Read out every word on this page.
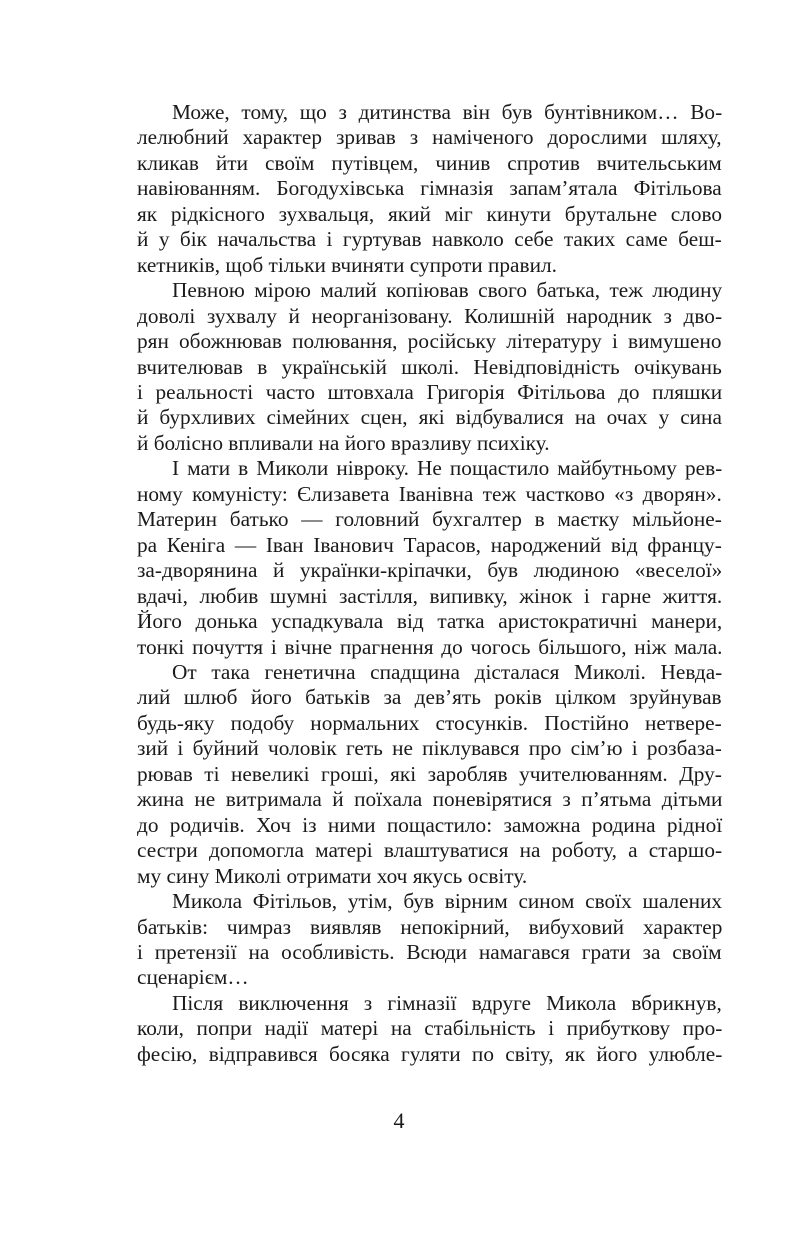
Може, тому, що з дитинства він був бунтівником… Во-
лелюбний характер зривав з наміченого дорослими шляху,
кликав йти своїм путівцем, чинив спротив вчительським
навіюванням. Богодухівська гімназія запам’ятала Фітільова
як рідкісного зухвальця, який міг кинути брутальне слово
й у бік начальства і гуртував навколо себе таких саме беш-
кетників, щоб тільки вчиняти супроти правил.

Певною мірою малий копіював свого батька, теж людину
доволі зухвалу й неорганізовану. Колишній народник з дво-
рян обожнював полювання, російську літературу і вимушено
вчителював в українській школі. Невідповідність очікувань
і реальності часто штовхала Григорія Фітільова до пляшки
й бурхливих сімейних сцен, які відбувалися на очах у сина
й болісно впливали на його вразливу психіку.

І мати в Миколи нівроку. Не пощастило майбутньому рев-
ному комуністу: Єлизавета Іванівна теж частково «з дворян».
Материн батько — головний бухгалтер в маєтку мільйоне-
ра Кеніга — Іван Іванович Тарасов, народжений від францу-
за-дворянина й українки-кріпачки, був людиною «веселої»
вдачі, любив шумні застілля, випивку, жінок і гарне життя.
Його донька успадкувала від татка аристократичні манери,
тонкі почуття і вічне прагнення до чогось більшого, ніж мала.

От така генетична спадщина дісталася Миколі. Невда-
лий шлюб його батьків за дев’ять років цілком зруйнував
будь-яку подобу нормальних стосунків. Постійно нетвере-
зий і буйний чоловік геть не піклувався про сім’ю і розбаза-
рював ті невеликі гроші, які заробляв учителюванням. Дру-
жина не витримала й поїхала поневірятися з п’ятьма дітьми
до родичів. Хоч із ними пощастило: заможна родина рідної
сестри допомогла матері влаштуватися на роботу, а старшо-
му сину Миколі отримати хоч якусь освіту.

Микола Фітільов, утім, був вірним сином своїх шалених
батьків: чимраз виявляв непокірний, вибуховий характер
і претензії на особливість. Всюди намагався грати за своїм
сценарієм…

Після виключення з гімназії вдруге Микола вбрикнув,
коли, попри надії матері на стабільність і прибуткову про-
фесію, відправився босяка гуляти по світу, як його улюбле-

4
